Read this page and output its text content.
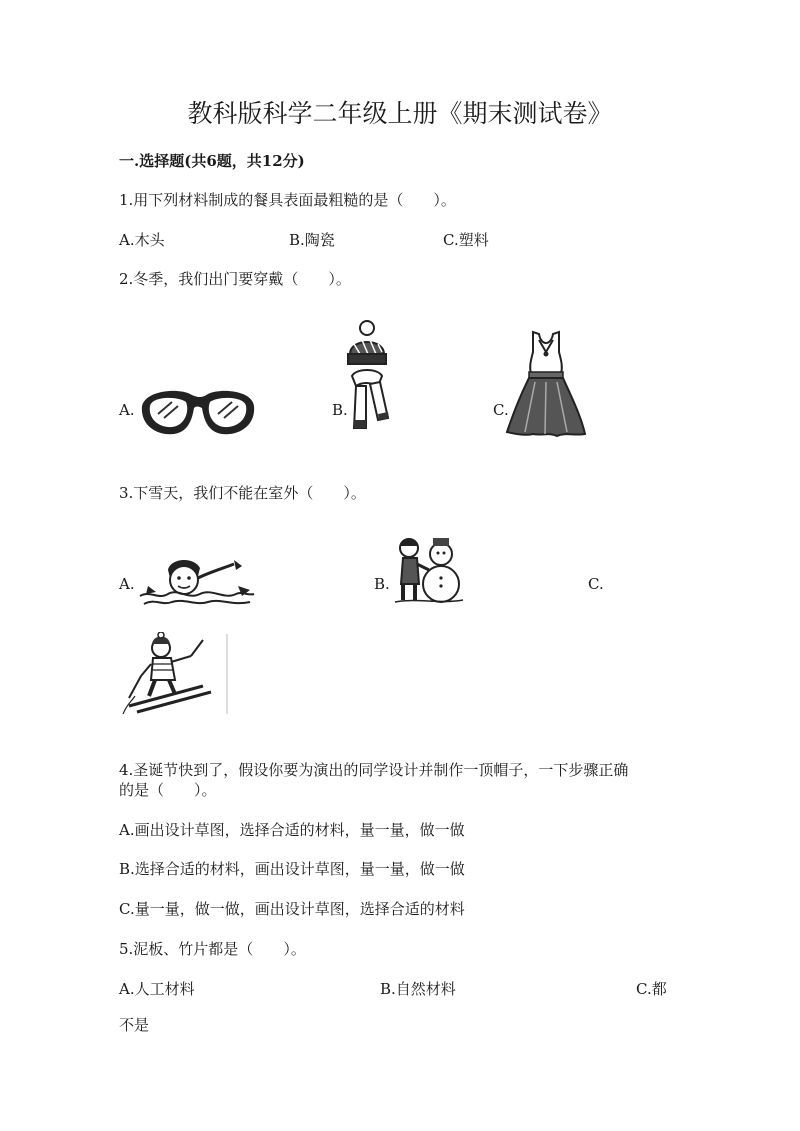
教科版科学二年级上册《期末测试卷》
一.选择题(共6题，共12分)
1.用下列材料制成的餐具表面最粗糙的是（　　）。
A.木头	B.陶瓷	C.塑料
2.冬季，我们出门要穿戴（　　）。
A.	B.	C.
3.下雪天，我们不能在室外（　　）。
A.	B.	C.
4.圣诞节快到了，假设你要为演出的同学设计并制作一顶帽子，一下步骤正确
的是（　　）。
A.画出设计草图，选择合适的材料，量一量，做一做
B.选择合适的材料，画出设计草图，量一量，做一做
C.量一量，做一做，画出设计草图，选择合适的材料
5.泥板、竹片都是（　　）。
A.人工材料	B.自然材料	C.都
不是
